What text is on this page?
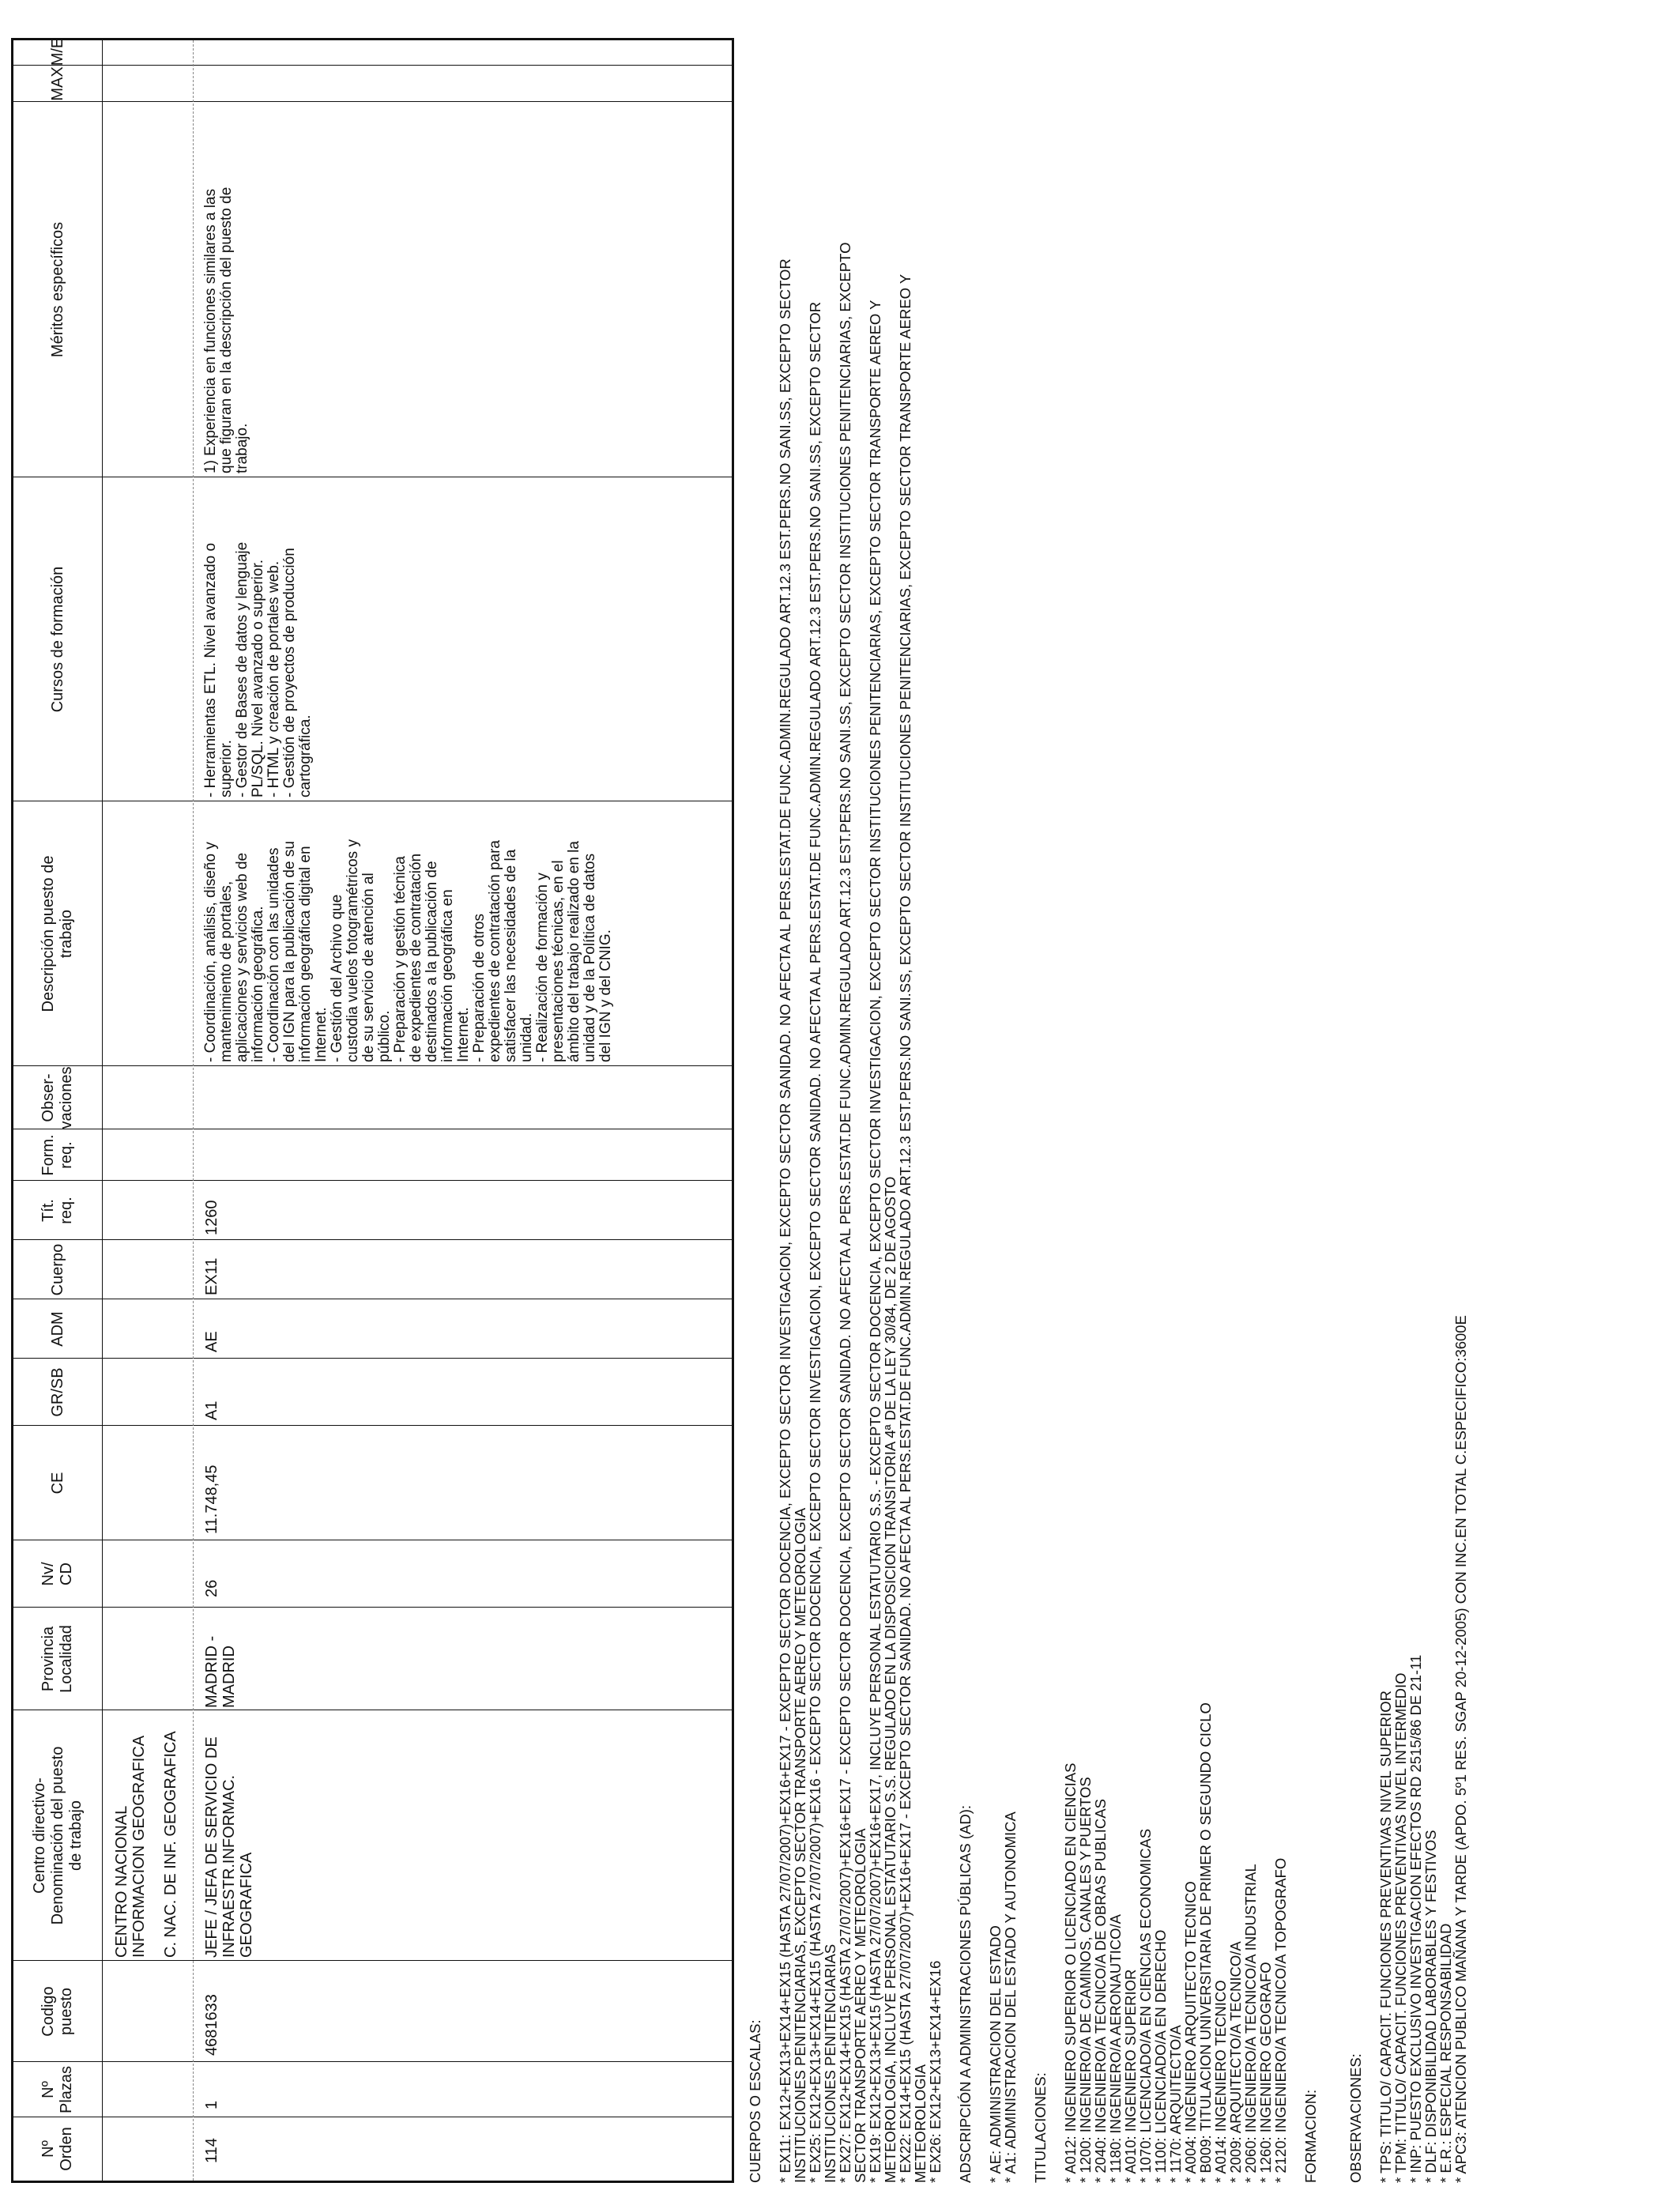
Nº
Orden
Nº
Plazas
Codigo
puesto
Centro directivo-
Denominación del puesto
de trabajo
Provincia
Localidad
Nv/
CD
CE
GR/SB
ADM
Cuerpo
Tít.
req.
Form.
req.
Obser-
vaciones
Descripción puesto de
trabajo
Cursos de formación
Méritos específicos
MAX
M/E
CENTRO NACIONAL
INFORMACION GEOGRAFICA C. NAC. DE INF. GEOGRAFICA
114
1
4681633
JEFE / JEFA DE SERVICIO DE
INFRAESTR.INFORMAC.
GEOGRAFICA
MADRID -
MADRID
26
11.748,45
A1
AE
EX11
1260
- Coordinación, análisis, diseño y
mantenimiento de portales,
aplicaciones y servicios web de
información geográfica.
- Coordinación con las unidades
del IGN para la publicación de su
información geográfica digital en
Internet.
- Gestión del Archivo que
custodia vuelos fotogramétricos y
de su servicio de atención al
público.
- Preparación y gestión técnica
de expedientes de contratación
destinados a la publicación de
información geográfica en
Internet.
- Preparación de otros
expedientes de contratación para
satisfacer las necesidades de la
unidad.
- Realización de formación y
presentaciones técnicas, en el
ámbito del trabajo realizado en la
unidad y de la Política de datos
del IGN y del CNIG.
- Herramientas ETL. Nivel avanzado o
superior.
- Gestor de Bases de datos y lenguaje
PL/SQL. Nivel avanzado o superior.
- HTML y creación de portales web.
- Gestión de proyectos de producción
cartográfica.
1) Experiencia en funciones similares a las
que figuran en la descripción del puesto de
trabajo.
CUERPOS O ESCALAS: * EX11: EX12+EX13+EX14+EX15 (HASTA 27/07/2007)+EX16+EX17 - EXCEPTO SECTOR DOCENCIA, EXCEPTO SECTOR INVESTIGACION, EXCEPTO SECTOR SANIDAD. NO AFECTA AL PERS.ESTAT.DE FUNC.ADMIN.REGULADO ART.12.3 EST.PERS.NO SANI.SS, EXCEPTO SECTOR
INSTITUCIONES PENITENCIARIAS, EXCEPTO SECTOR TRANSPORTE AEREO Y METEOROLOGIA
* EX25: EX12+EX13+EX14+EX15 (HASTA 27/07/2007)+EX16 - EXCEPTO SECTOR DOCENCIA, EXCEPTO SECTOR INVESTIGACION, EXCEPTO SECTOR SANIDAD. NO AFECTA AL PERS.ESTAT.DE FUNC.ADMIN.REGULADO ART.12.3 EST.PERS.NO SANI.SS, EXCEPTO SECTOR
INSTITUCIONES PENITENCIARIAS
* EX27: EX12+EX14+EX15 (HASTA 27/07/2007)+EX16+EX17 - EXCEPTO SECTOR DOCENCIA, EXCEPTO SECTOR SANIDAD. NO AFECTA AL PERS.ESTAT.DE FUNC.ADMIN.REGULADO ART.12.3 EST.PERS.NO SANI.SS, EXCEPTO SECTOR INSTITUCIONES PENITENCIARIAS, EXCEPTO
SECTOR TRANSPORTE AEREO Y METEOROLOGIA
* EX19: EX12+EX13+EX15 (HASTA 27/07/2007)+EX16+EX17, INCLUYE PERSONAL ESTATUTARIO S.S. - EXCEPTO SECTOR DOCENCIA, EXCEPTO SECTOR INVESTIGACION, EXCEPTO SECTOR INSTITUCIONES PENITENCIARIAS, EXCEPTO SECTOR TRANSPORTE AEREO Y
METEOROLOGIA, INCLUYE PERSONAL ESTATUTARIO S.S. REGULADO EN LA DISPOSICION TRANSITORIA 4ª DE LA LEY 30/84, DE 2 DE AGOSTO
* EX22: EX14+EX15 (HASTA 27/07/2007)+EX16+EX17 - EXCEPTO SECTOR SANIDAD. NO AFECTA AL PERS.ESTAT.DE FUNC.ADMIN.REGULADO ART.12.3 EST.PERS.NO SANI.SS, EXCEPTO SECTOR INSTITUCIONES PENITENCIARIAS, EXCEPTO SECTOR TRANSPORTE AEREO Y
METEOROLOGIA
* EX26: EX12+EX13+EX14+EX16 ADSCRIPCIÓN A ADMINISTRACIONES PÚBLICAS (AD): * AE: ADMINISTRACION DEL ESTADO
* A1: ADMINISTRACION DEL ESTADO Y AUTONOMICA TITULACIONES: * A012: INGENIERO SUPERIOR O LICENCIADO EN CIENCIAS
* 1200: INGENIERO/A DE CAMINOS, CANALES Y PUERTOS
* 2040: INGENIERO/A TECNICO/A DE OBRAS PUBLICAS
* 1180: INGENIERO/A AERONAUTICO/A
* A010: INGENIERO SUPERIOR
* 1070: LICENCIADO/A EN CIENCIAS ECONOMICAS
* 1100: LICENCIADO/A EN DERECHO
* 1170: ARQUITECTO/A
* A004: INGENIERO ARQUITECTO TECNICO
* B009: TITULACION UNIVERSITARIA DE PRIMER O SEGUNDO CICLO
* A014: INGENIERO TECNICO
* 2009: ARQUITECTO/A TECNICO/A
* 2060: INGENIERO/A TECNICO/A INDUSTRIAL
* 1260: INGENIERO GEOGRAFO
* 2120: INGENIERO/A TECNICO/A TOPOGRAFO FORMACION: OBSERVACIONES: * TPS: TITULO/ CAPACIT. FUNCIONES PREVENTIVAS NIVEL SUPERIOR
* TPM: TITULO/ CAPACIT. FUNCIONES PREVENTIVAS NIVEL INTERMEDIO
* INP: PUESTO EXCLUSIVO INVESTIGACION EFECTOS RD 2515/86 DE 21-11
* DLF: DISPONIBILIDAD LABORABLES Y FESTIVOS
* E.R.: ESPECIAL RESPONSABILIDAD
* APC3: ATENCION PUBLICO MAÑANA Y TARDE (APDO. 5º1 RES. SGAP 20-12-2005) CON INC.EN TOTAL C.ESPECIFICO:3600E
